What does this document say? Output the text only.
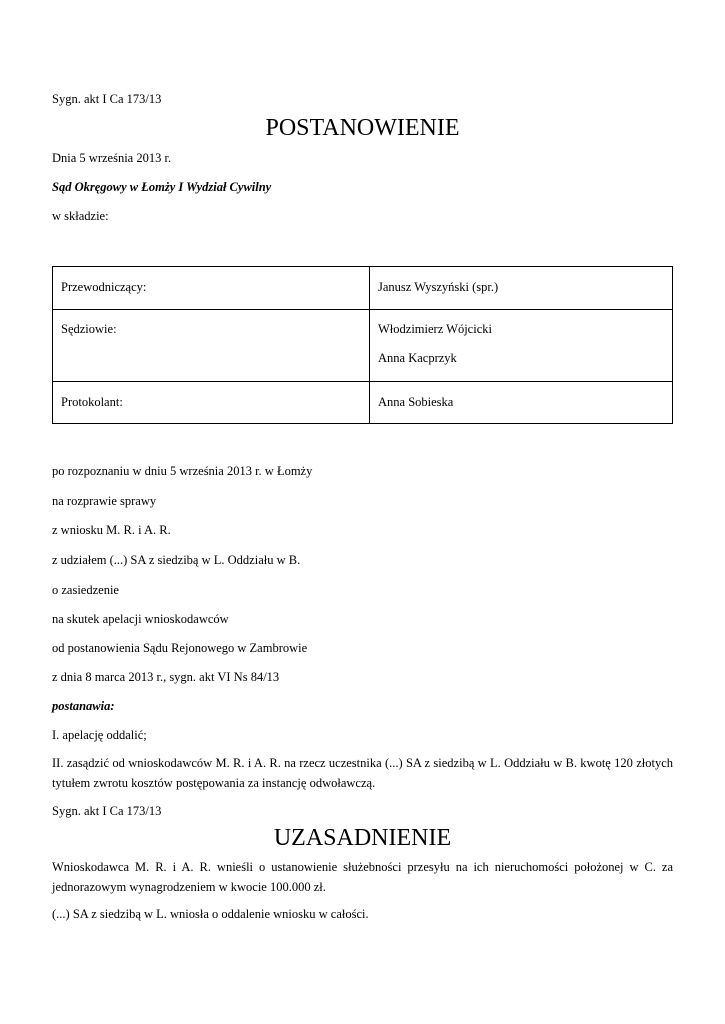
Sygn. akt I Ca 173/13

POSTANOWIENIE

Dnia 5 września 2013 r.

Sąd Okręgowy w Łomży I Wydział Cywilny

w składzie:

Przewodniczący:	Janusz Wyszyński (spr.)
Sędziowie:	Włodzimierz Wójcicki
Anna Kacprzyk

Protokolant:	Anna Sobieska

po rozpoznaniu w dniu 5 września 2013 r. w Łomży

na rozprawie sprawy

z wniosku M. R. i A. R.

z udziałem (...) SA z siedzibą w L. Oddziału w B.

o zasiedzenie

na skutek apelacji wnioskodawców

od postanowienia Sądu Rejonowego w Zambrowie

z dnia 8 marca 2013 r., sygn. akt VI Ns 84/13

postanawia:

I. apelację oddalić;

II. zasądzić od wnioskodawców M. R. i A. R. na rzecz uczestnika (...) SA z siedzibą w L. Oddziału w B. kwotę 120 złotych tytułem zwrotu kosztów postępowania za instancję odwoławczą.

Sygn. akt I Ca 173/13

UZASADNIENIE

Wnioskodawca M. R. i A. R. wnieśli o ustanowienie służebności przesyłu na ich nieruchomości położonej w C. za jednorazowym wynagrodzeniem w kwocie 100.000 zł.

(...) SA z siedzibą w L. wniosła o oddalenie wniosku w całości.
